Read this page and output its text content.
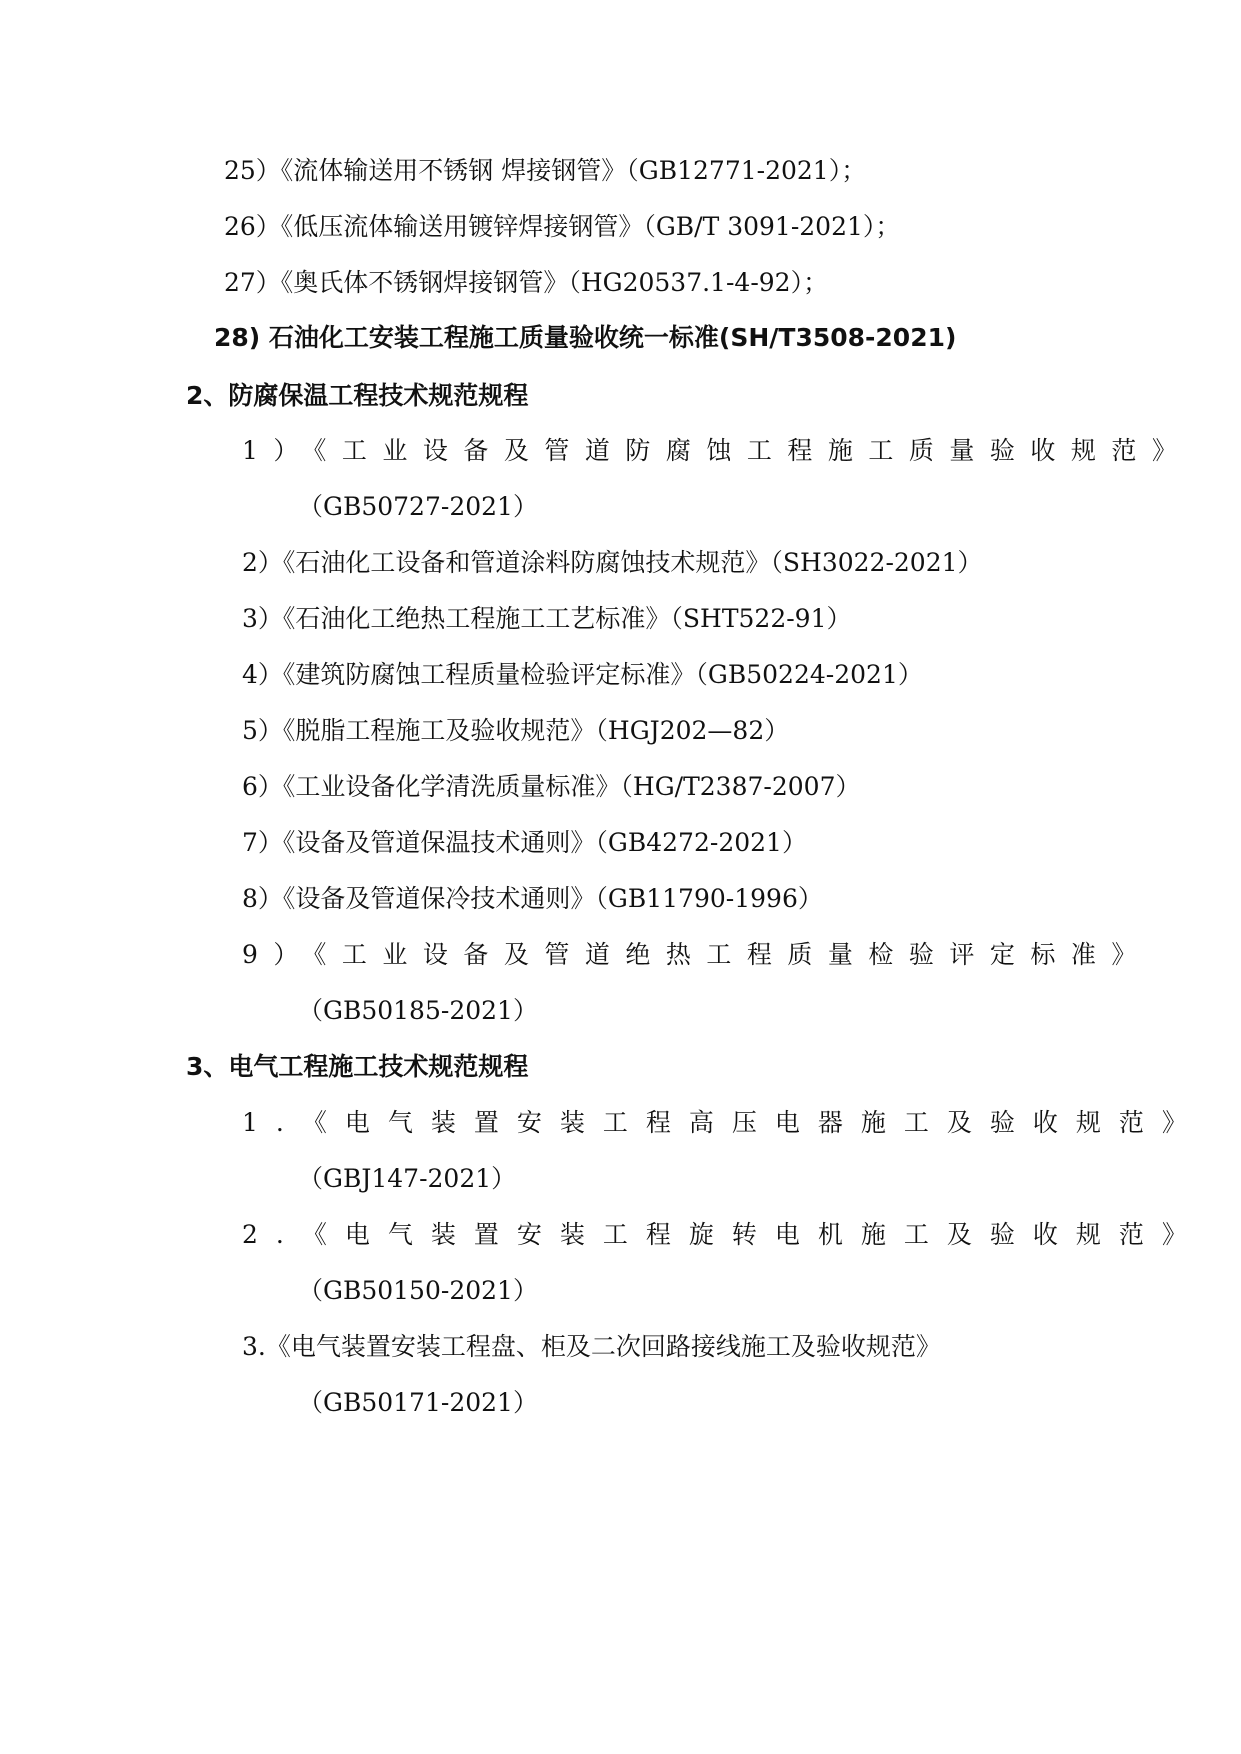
25）《流体输送用不锈钢 焊接钢管》（GB12771-2021）；
26）《低压流体输送用镀锌焊接钢管》（GB/T 3091-2021）；
27）《奥氏体不锈钢焊接钢管》（HG20537.1-4-92）；
28) 石油化工安装工程施工质量验收统一标准(SH/T3508-2021)
2、防腐保温工程技术规范规程
1）《工业设备及管道防腐蚀工程施工质量验收规范》
（GB50727-2021）
2）《石油化工设备和管道涂料防腐蚀技术规范》（SH3022-2021）
3）《石油化工绝热工程施工工艺标准》（SHT522-91）
4）《建筑防腐蚀工程质量检验评定标准》（GB50224-2021）
5）《脱脂工程施工及验收规范》（HGJ202—82）
6）《工业设备化学清洗质量标准》（HG/T2387-2007）
7）《设备及管道保温技术通则》（GB4272-2021）
8）《设备及管道保冷技术通则》（GB11790-1996）
9）《工业设备及管道绝热工程质量检验评定标准》
（GB50185-2021）
3、电气工程施工技术规范规程
1.《电气装置安装工程高压电器施工及验收规范》
（GBJ147-2021）
2.《电气装置安装工程旋转电机施工及验收规范》
（GB50150-2021）
3.《电气装置安装工程盘、柜及二次回路接线施工及验收规范》
（GB50171-2021）
